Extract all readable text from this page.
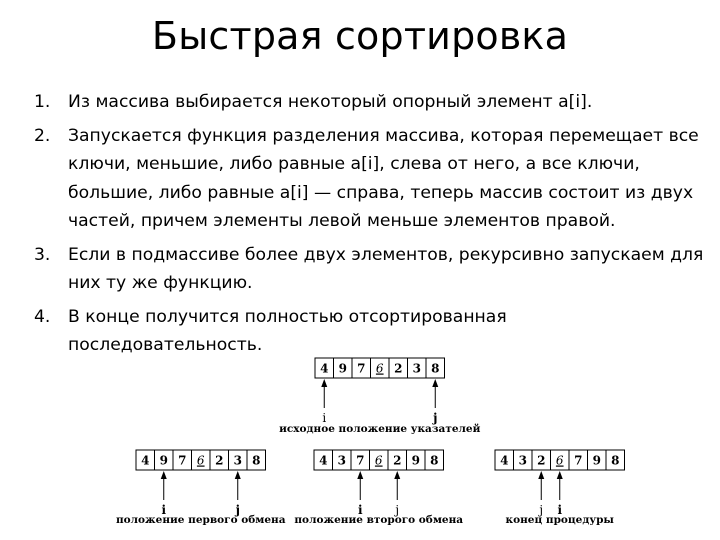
Быстрая сортировка
1. Из массива выбирается некоторый опорный элемент a[i].
2. Запускается функция разделения массива, которая перемещает все ключи, меньшие, либо равные a[i], слева от него, а все ключи, большие, либо равные a[i] — справа, теперь массив состоит из двух частей, причем элементы левой меньше элементов правой.
3. Если в подмассиве более двух элементов, рекурсивно запускаем для них ту же функцию.
4. В конце получится полностью отсортированная последовательность.
4 9 7 6 2 3 8
i	j
исходное положение указателей
4 9 7 6 2 3 8
i	j
положение первого обмена
4 3 7 6 2 9 8
i	j
положение второго обмена
4 3 2 6 7 9 8
j i
конец процедуры
